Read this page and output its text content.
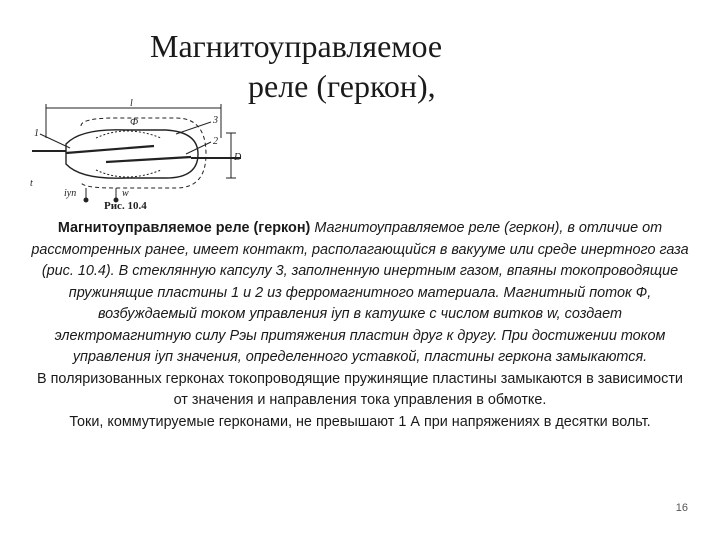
Магнитоуправляемое
реле (геркон),
l
Ф
1
3
2
D
t
iуп	w
Рис. 10.4
Магнитоуправляемое реле (геркон) Магнитоуправляемое реле (геркон), в отличие от рассмотренных ранее, имеет контакт, располагающийся в вакууме или среде инертного газа (рис. 10.4). В стеклянную капсулу 3, заполненную инертным газом, впаяны токопроводящие пружинящие пластины 1 и 2 из ферромагнитного материала. Магнитный поток Ф, возбуждаемый током управления iуп в катушке с числом витков w, создает электромагнитную силу Pэы притяжения пластин друг к другу. При достижении током управления iуп значения, определенного уставкой, пластины геркона замыкаются.
В поляризованных герконах токопроводящие пружинящие пластины замыкаются в зависимости от значения и направления тока управления в обмотке.
Токи, коммутируемые герконами, не превышают 1 А при напряжениях в десятки вольт.
16
